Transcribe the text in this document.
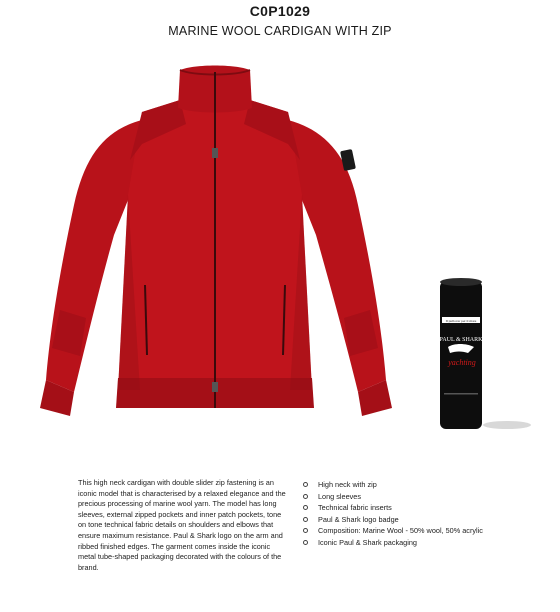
C0P1029
MARINE WOOL CARDIGAN WITH ZIP
Il pullover per il mare
PAUL & SHARK
yachting
This high neck cardigan with double slider zip fastening is an iconic model that is characterised by a relaxed elegance and the precious processing of marine wool yarn. The model has long sleeves, external zipped pockets and inner patch pockets, tone on tone technical fabric details on shoulders and elbows that ensure maximum resistance. Paul & Shark logo on the arm and ribbed finished edges. The garment comes inside the iconic metal tube-shaped packaging decorated with the colours of the brand.
High neck with zip
Long sleeves
Technical fabric inserts
Paul & Shark logo badge
Composition: Marine Wool - 50% wool, 50% acrylic
Iconic Paul & Shark packaging
